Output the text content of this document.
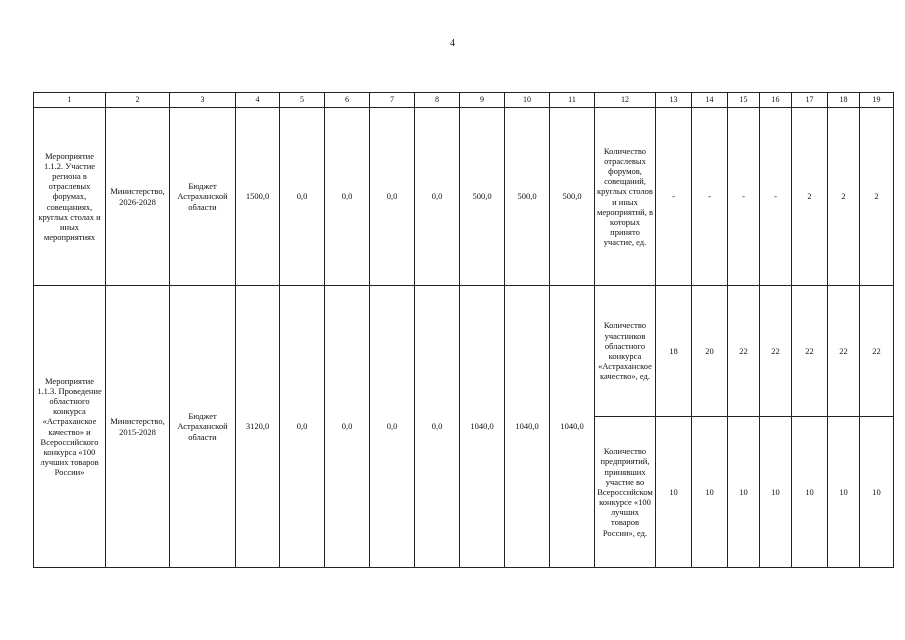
4
1	2	3	4	5	6	7	8	9	10	11	12	13	14	15	16	17	18	19
Мероприятие 1.1.2. Участие региона в отраслевых форумах, совещаниях, круглых столах и иных мероприятиях	Министерство, 2026-2028	Бюджет Астраханской области	1500,0	0,0	0,0	0,0	0,0	500,0	500,0	500,0	Количество отраслевых форумов, совещаний, круглых столов и иных мероприятий, в которых принято участие, ед.	-	-	-	-	2	2	2
Мероприятие 1.1.3. Проведение областного конкурса «Астраханское качество» и Всероссийского конкурса «100 лучших товаров России»	Министерство, 2015-2028	Бюджет Астраханской области	3120,0	0,0	0,0	0,0	0,0	1040,0	1040,0	1040,0	Количество участников областного конкурса «Астраханское качество», ед.	18	20	22	22	22	22	22
											Количество предприятий, принявших участие во Всероссийском конкурсе «100 лучших товаров России», ед.	10	10	10	10	10	10	10
